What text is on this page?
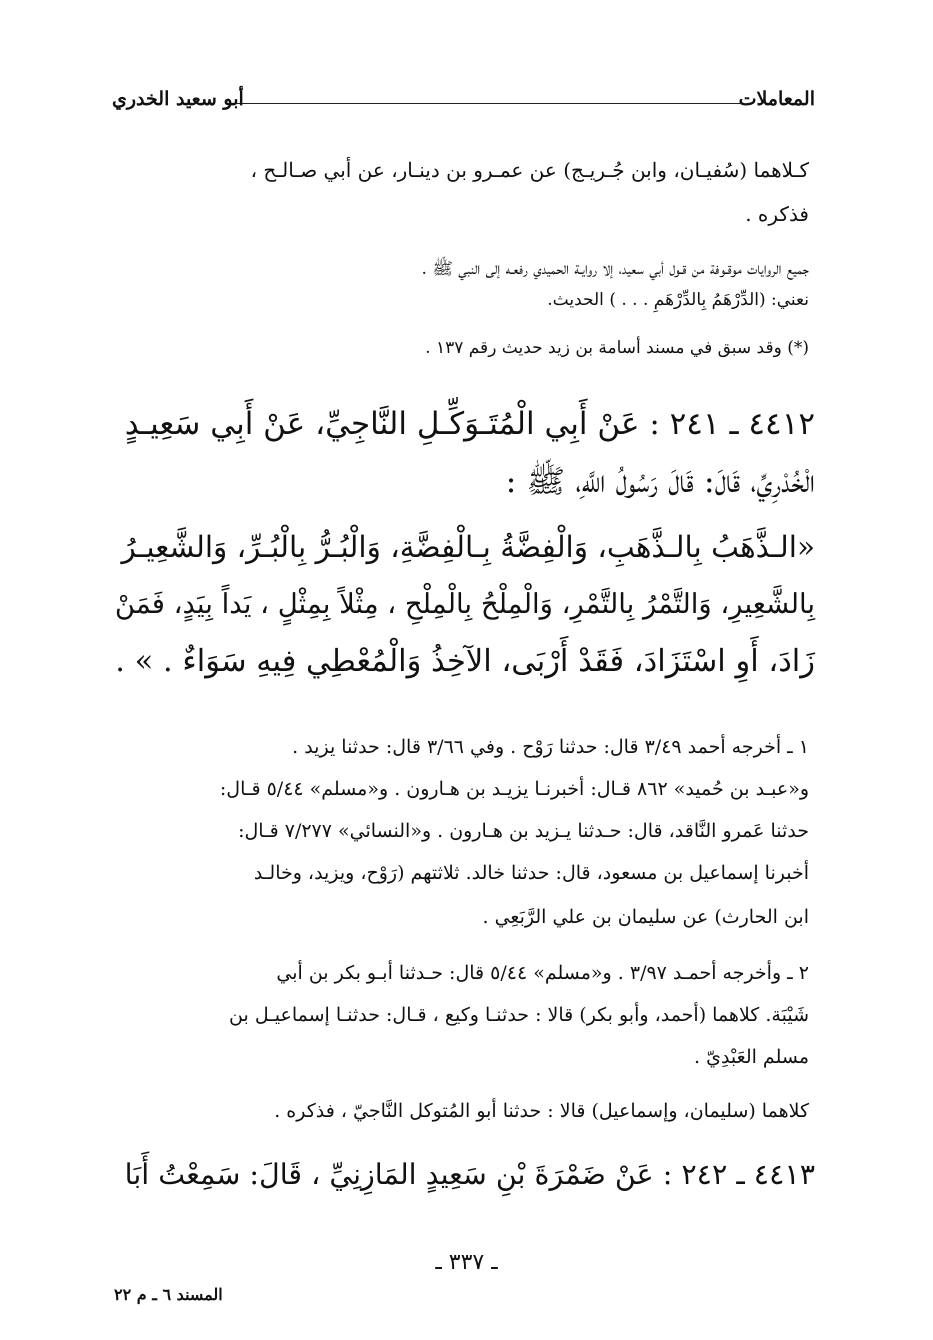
المعاملات
أبو سعيد الخدري
كـلاهما (سُفيـان، وابن جُـريـج) عن عمـرو بن دينـار، عن أبي صـالـح ،
فذكره .
جميع الروايات موقـوفة من قـول أبي سعيد، إلا روايـة الحميدي رفعـه إلى النبي ﷺ .
نعني: (الدِّرْهَمُ بِالدِّرْهَمِ . . . ) الحديث.
(*) وقد سبق في مسند أسامة بن زيد حديث رقم ١٣٧ .
٤٤١٢ ـ ٢٤١ : عَنْ أَبِي الْمُتَـوَكِّـلِ النَّاجِيِّ، عَنْ أَبِي سَعِيـدٍ
الْخُدْرِيِّ، قَالَ: قَالَ رَسُولُ اللَّهِ، ﷺ :
«الـذَّهَبُ بِالـذَّهَبِ، وَالْفِضَّةُ بِـالْفِضَّةِ، وَالْبُـرُّ بِالْبُـرِّ، وَالشَّعِيـرُ
بِالشَّعِيرِ، وَالتَّمْرُ بِالتَّمْرِ، وَالْمِلْحُ بِالْمِلْحِ ، مِثْلاً بِمِثْلٍ ، يَداً بِيَدٍ، فَمَنْ
زَادَ، أَوِ اسْتَزَادَ، فَقَدْ أَرْبَى، الآخِذُ وَالْمُعْطِي فِيهِ سَوَاءٌ . » .
١ ـ أخرجه أحمد ٣/٤٩ قال: حدثنا رَوْح . وفي ٣/٦٦ قال: حدثنا يزيد .
و«عبـد بن حُميد» ٨٦٢ قـال: أخبرنـا يزيـد بن هـارون . و«مسلم» ٥/٤٤ قـال:
حدثنا عَمرو النَّاقد، قال: حـدثنا يـزيد بن هـارون . و«النسائي» ٧/٢٧٧ قـال:
أخبرنا إسماعيل بن مسعود، قال: حدثنا خالد. ثلاثتهم (رَوْح، ويزيد، وخالـد
ابن الحارث) عن سليمان بن علي الرَّبَعِي .
٢ ـ وأخرجه أحمـد ٣/٩٧ . و«مسلم» ٥/٤٤ قال: حـدثنا أبـو بكر بن أبي
شَيْبَة. كلاهما (أحمد، وأبو بكر) قالا : حدثنـا وكيع ، قـال: حدثنـا إسماعيـل بن
مسلم العَبْدِيّ .
كلاهما (سليمان، وإسماعيل) قالا : حدثنا أبو المُتوكل النَّاجيّ ، فذكره .
٤٤١٣ ـ ٢٤٢ : عَنْ ضَمْرَةَ بْنِ سَعِيدٍ المَازِنِيِّ ، قَالَ: سَمِعْتُ أَبَا
ـ ٣٣٧ ـ
المسند ٦ ـ م ٢٢
